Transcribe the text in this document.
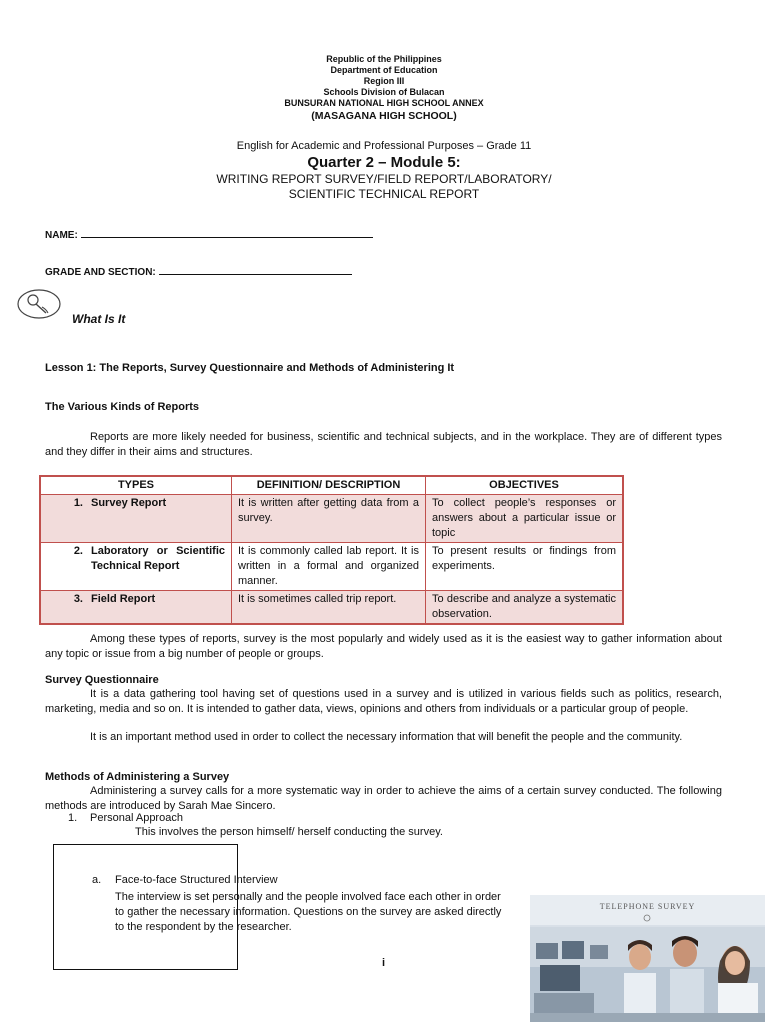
Republic of the Philippines
Department of Education
Region III
Schools Division of Bulacan
BUNSURAN NATIONAL HIGH SCHOOL ANNEX
(MASAGANA HIGH SCHOOL)
English for Academic and Professional Purposes – Grade 11
Quarter 2 – Module 5:
WRITING REPORT SURVEY/FIELD REPORT/LABORATORY/
SCIENTIFIC TECHNICAL REPORT
NAME:
GRADE AND SECTION:
What Is It
Lesson 1: The Reports, Survey Questionnaire and Methods of Administering It
The Various Kinds of Reports
Reports are more likely needed for business, scientific and technical subjects, and in the workplace. They are of different types and they differ in their aims and structures.
TYPES	DEFINITION/ DESCRIPTION	OBJECTIVES

1. Survey Report	It is written after getting data from a survey.	To collect people’s responses or answers about a particular issue or topic

2. Laboratory or Scientific Technical Report	It is commonly called lab report. It is written in a formal and organized manner.	To present results or findings from experiments.

3. Field Report	It is sometimes called trip report.	To describe and analyze a systematic observation.
Among these types of reports, survey is the most popularly and widely used as it is the easiest way to gather information about any topic or issue from a big number of people or groups.
Survey Questionnaire
It is a data gathering tool having set of questions used in a survey and is utilized in various fields such as politics, research, marketing, media and so on. It is intended to gather data, views, opinions and others from individuals or a particular group of people.
It is an important method used in order to collect the necessary information that will benefit the people and the community.
Methods of Administering a Survey
Administering a survey calls for a more systematic way in order to achieve the aims of a certain survey conducted. The following methods are introduced by Sarah Mae Sincero.
1. Personal Approach
This involves the person himself/ herself conducting the survey.
a. Face-to-face Structured Interview
The interview is set personally and the people involved face each other in order
to gather the necessary information. Questions on the survey are asked directly
to the respondent by the researcher.
i
TELEPHONE SURVEY
